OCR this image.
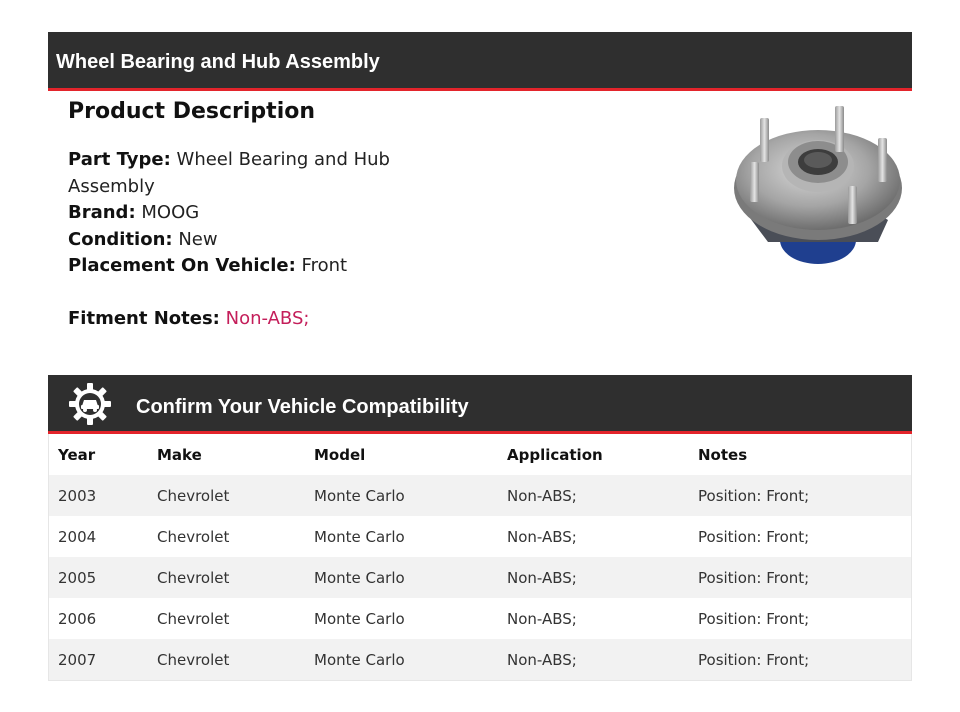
Wheel Bearing and Hub Assembly
Product Description
Part Type: Wheel Bearing and Hub Assembly
Brand: MOOG
Condition: New
Placement On Vehicle: Front
Fitment Notes: Non-ABS;
Confirm Your Vehicle Compatibility
Year	Make	Model	Application	Notes
2003	Chevrolet	Monte Carlo	Non-ABS;	Position: Front;
2004	Chevrolet	Monte Carlo	Non-ABS;	Position: Front;
2005	Chevrolet	Monte Carlo	Non-ABS;	Position: Front;
2006	Chevrolet	Monte Carlo	Non-ABS;	Position: Front;
2007	Chevrolet	Monte Carlo	Non-ABS;	Position: Front;
